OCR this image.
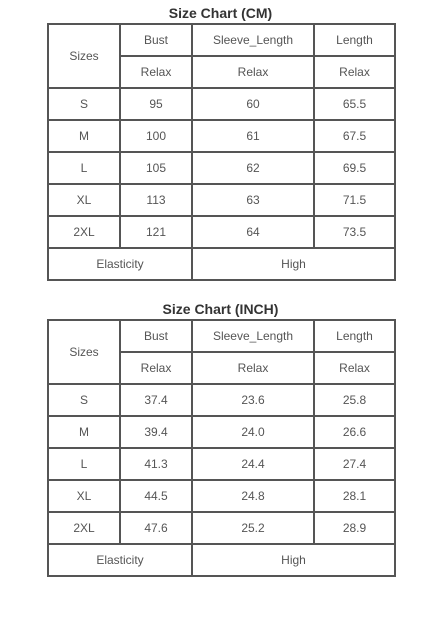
Size Chart (CM)
Sizes	Bust	Sleeve_Length	Length
	Relax	Relax	Relax
S	95	60	65.5
M	100	61	67.5
L	105	62	69.5
XL	113	63	71.5
2XL	121	64	73.5
Elasticity		High	
Size Chart (INCH)
Sizes	Bust	Sleeve_Length	Length
	Relax	Relax	Relax
S	37.4	23.6	25.8
M	39.4	24.0	26.6
L	41.3	24.4	27.4
XL	44.5	24.8	28.1
2XL	47.6	25.2	28.9
Elasticity		High	
